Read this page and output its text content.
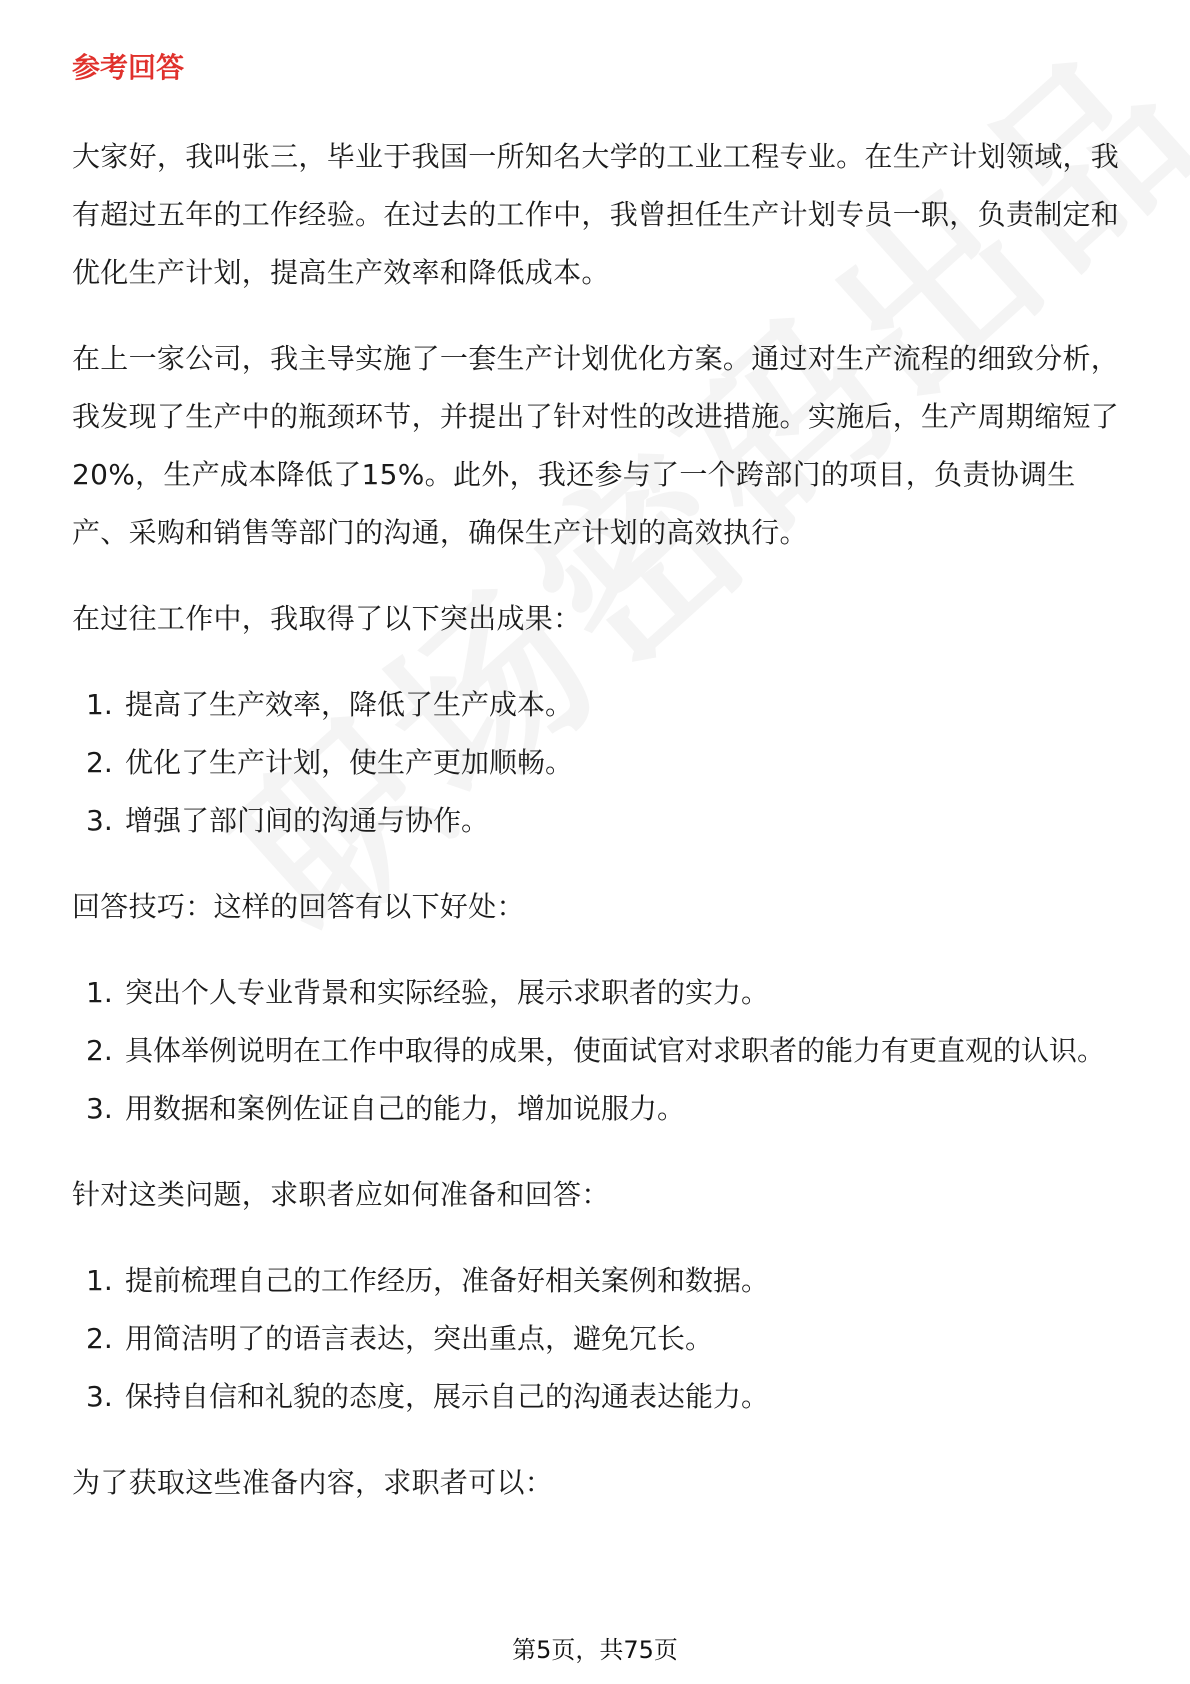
参考回答

大家好，我叫张三，毕业于我国一所知名大学的工业工程专业。在生产计划领域，我有超过五年的工作经验。在过去的工作中，我曾担任生产计划专员一职，负责制定和优化生产计划，提高生产效率和降低成本。

在上一家公司，我主导实施了一套生产计划优化方案。通过对生产流程的细致分析，我发现了生产中的瓶颈环节，并提出了针对性的改进措施。实施后，生产周期缩短了20%，生产成本降低了15%。此外，我还参与了一个跨部门的项目，负责协调生产、采购和销售等部门的沟通，确保生产计划的高效执行。

在过往工作中，我取得了以下突出成果：

1. 提高了生产效率，降低了生产成本。
2. 优化了生产计划，使生产更加顺畅。
3. 增强了部门间的沟通与协作。

回答技巧：这样的回答有以下好处：

1. 突出个人专业背景和实际经验，展示求职者的实力。
2. 具体举例说明在工作中取得的成果，使面试官对求职者的能力有更直观的认识。
3. 用数据和案例佐证自己的能力，增加说服力。

针对这类问题，求职者应如何准备和回答：

1. 提前梳理自己的工作经历，准备好相关案例和数据。
2. 用简洁明了的语言表达，突出重点，避免冗长。
3. 保持自信和礼貌的态度，展示自己的沟通表达能力。

为了获取这些准备内容，求职者可以：

第5页，共75页
